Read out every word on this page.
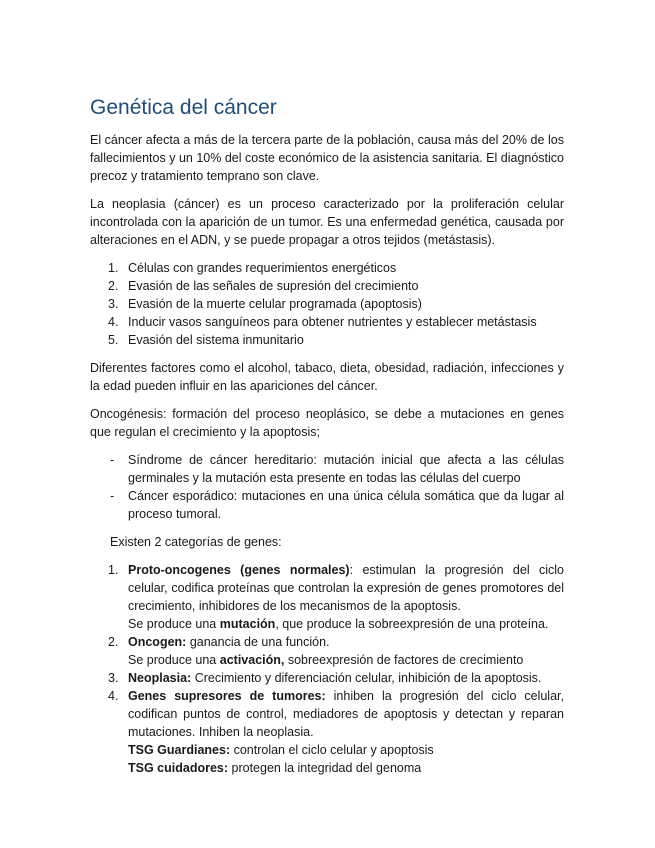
Genética del cáncer

El cáncer afecta a más de la tercera parte de la población, causa más del 20% de los fallecimientos y un 10% del coste económico de la asistencia sanitaria. El diagnóstico precoz y tratamiento temprano son clave.

La neoplasia (cáncer) es un proceso caracterizado por la proliferación celular incontrolada con la aparición de un tumor. Es una enfermedad genética, causada por alteraciones en el ADN, y se puede propagar a otros tejidos (metástasis).

1. Células con grandes requerimientos energéticos
2. Evasión de las señales de supresión del crecimiento
3. Evasión de la muerte celular programada (apoptosis)
4. Inducir vasos sanguíneos para obtener nutrientes y establecer metástasis
5. Evasión del sistema inmunitario

Diferentes factores como el alcohol, tabaco, dieta, obesidad, radiación, infecciones y la edad pueden influir en las apariciones del cáncer.

Oncogénesis: formación del proceso neoplásico, se debe a mutaciones en genes que regulan el crecimiento y la apoptosis;

- Síndrome de cáncer hereditario: mutación inicial que afecta a las células germinales y la mutación esta presente en todas las células del cuerpo
- Cáncer esporádico: mutaciones en una única célula somática que da lugar al proceso tumoral.

Existen 2 categorías de genes:

1. Proto-oncogenes (genes normales): estimulan la progresión del ciclo celular, codifica proteínas que controlan la expresión de genes promotores del crecimiento, inhibidores de los mecanismos de la apoptosis.
Se produce una mutación, que produce la sobreexpresión de una proteína.
2. Oncogen: ganancia de una función.
Se produce una activación, sobreexpresión de factores de crecimiento
3. Neoplasia: Crecimiento y diferenciación celular, inhibición de la apoptosis.
4. Genes supresores de tumores: inhiben la progresión del ciclo celular, codifican puntos de control, mediadores de apoptosis y detectan y reparan mutaciones. Inhiben la neoplasia.
TSG Guardianes: controlan el ciclo celular y apoptosis
TSG cuidadores: protegen la integridad del genoma
